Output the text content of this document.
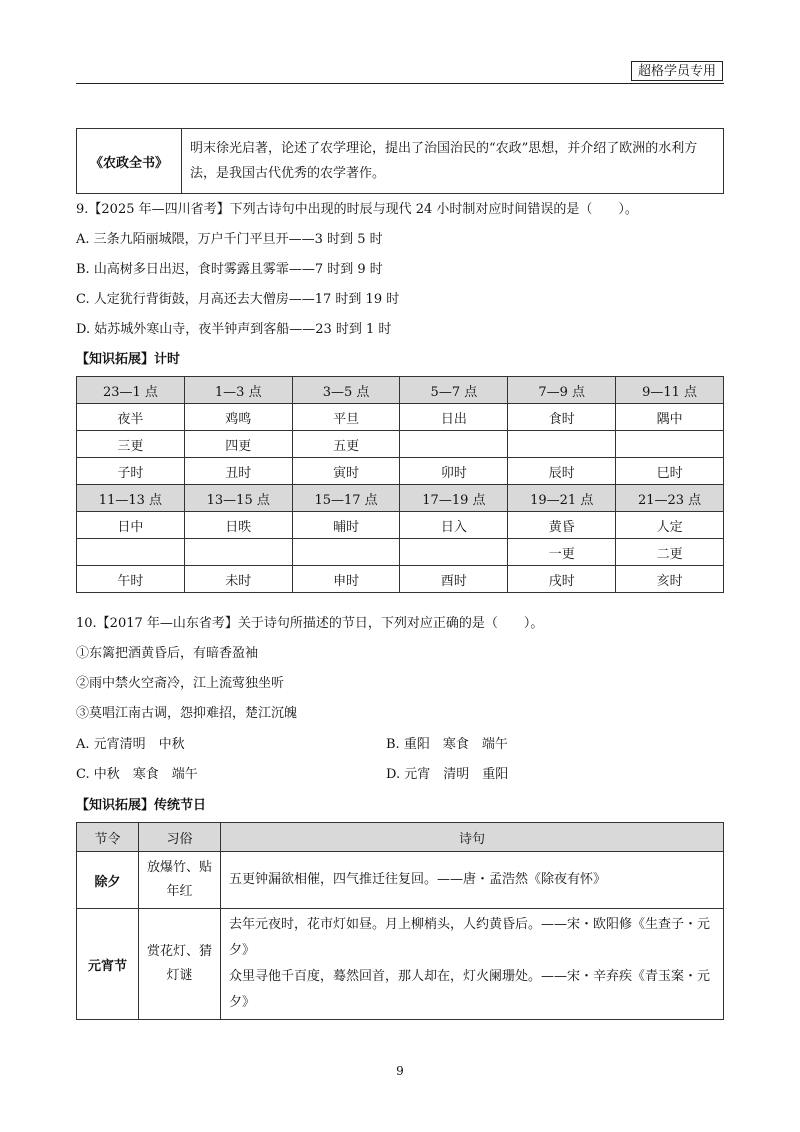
超格学员专用
《农政全书》	明末徐光启著，论述了农学理论，提出了治国治民的“农政”思想，并介绍了欧洲的水利方法，是我国古代优秀的农学著作。
9.【2025 年—四川省考】下列古诗句中出现的时辰与现代 24 小时制对应时间错误的是（　　）。
A. 三条九陌丽城隈，万户千门平旦开——3 时到 5 时
B. 山高树多日出迟，食时雾露且雾霏——7 时到 9 时
C. 人定犹行背街鼓，月高还去大僧房——17 时到 19 时
D. 姑苏城外寒山寺，夜半钟声到客船——23 时到 1 时
【知识拓展】计时
23—1 点	1—3 点	3—5 点	5—7 点	7—9 点	9—11 点
夜半	鸡鸣	平旦	日出	食时	隅中
三更	四更	五更			
子时	丑时	寅时	卯时	辰时	巳时
11—13 点	13—15 点	15—17 点	17—19 点	19—21 点	21—23 点
日中	日昳	晡时	日入	黄昏	人定
				一更	二更
午时	未时	申时	酉时	戌时	亥时
10.【2017 年—山东省考】关于诗句所描述的节日，下列对应正确的是（　　）。
①东篱把酒黄昏后，有暗香盈袖
②雨中禁火空斋冷，江上流莺独坐听
③莫唱江南古调，怨抑难招，楚江沉魄
A. 元宵清明　中秋	B. 重阳　寒食　端午
C. 中秋　寒食　端午	D. 元宵　清明　重阳
【知识拓展】传统节日
节令	习俗	诗句
除夕	放爆竹、贴年红	五更钟漏欲相催，四气推迁往复回。——唐・孟浩然《除夜有怀》
元宵节	赏花灯、猜灯谜	去年元夜时，花市灯如昼。月上柳梢头，人约黄昏后。——宋・欧阳修《生查子・元夕》
众里寻他千百度，蓦然回首，那人却在，灯火阑珊处。——宋・辛弃疾《青玉案・元夕》
9
